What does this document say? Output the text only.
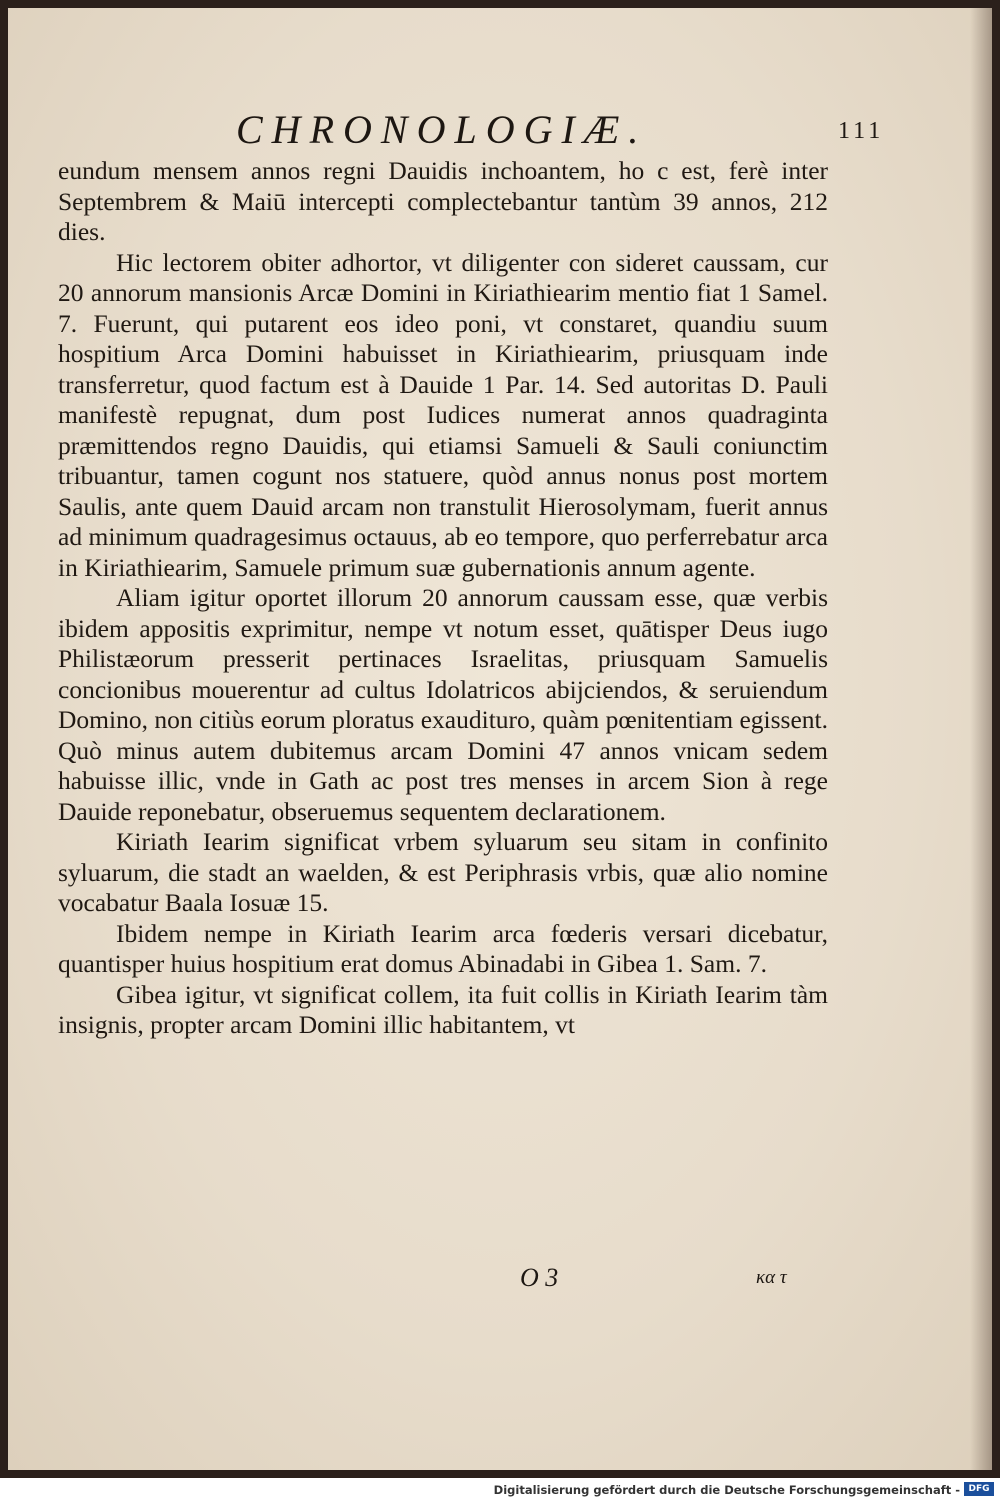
CHRONOLOGIÆ.	111

eundum mensem annos regni Dauidis inchoantem, ho c est, ferè inter Septembrem & Maiū intercepti complectebantur tantùm 39 annos, 212 dies.

Hic lectorem obiter adhortor, vt diligenter con sideret caussam, cur 20 annorum mansionis Arcæ Domini in Kiriathiearim mentio fiat 1 Samel. 7. Fuerunt, qui putarent eos ideo poni, vt constaret, quandiu suum hospitium Arca Domini habuisset in Kiriathiearim, priusquam inde transferretur, quod factum est à Dauide 1 Par. 14. Sed autoritas D. Pauli manifestè repugnat, dum post Iudices numerat annos quadraginta præmittendos regno Dauidis, qui etiamsi Samueli & Sauli coniunctim tribuantur, tamen cogunt nos statuere, quòd annus nonus post mortem Saulis, ante quem Dauid arcam non transtulit Hierosolymam, fuerit annus ad minimum quadragesimus octauus, ab eo tempore, quo perferrebatur arca in Kiriathiearim, Samuele primum suæ gubernationis annum agente.

Aliam igitur oportet illorum 20 annorum caussam esse, quæ verbis ibidem appositis exprimitur, nempe vt notum esset, quātisper Deus iugo Philistæorum presserit pertinaces Israelitas, priusquam Samuelis concionibus mouerentur ad cultus Idolatricos abijciendos, & seruiendum Domino, non citiùs eorum ploratus exauditurо, quàm pœnitentiam egissent. Quò minus autem dubitemus arcam Domini 47 annos vnicam sedem habuisse illic, vnde in Gath ac post tres menses in arcem Sion à rege Dauide reponebatur, obseruemus sequentem declarationem.

Kiriath Iearim significat vrbem syluarum seu sitam in confinito syluarum, die stadt an waelden, & est Periphrasis vrbis, quæ alio nomine vocabatur Baala Iosuæ 15.

Ibidem nempe in Kiriath Iearim arca fœderis versari dicebatur, quantisper huius hospitium erat domus Abinadabi in Gibea 1. Sam. 7.

Gibea igitur, vt significat collem, ita fuit collis in Kiriath Iearim tàm insignis, propter arcam Domini illic habitantem, vt

O 3	κα τ
Digitalisierung gefördert durch die Deutsche Forschungsgemeinschaft - DFG
